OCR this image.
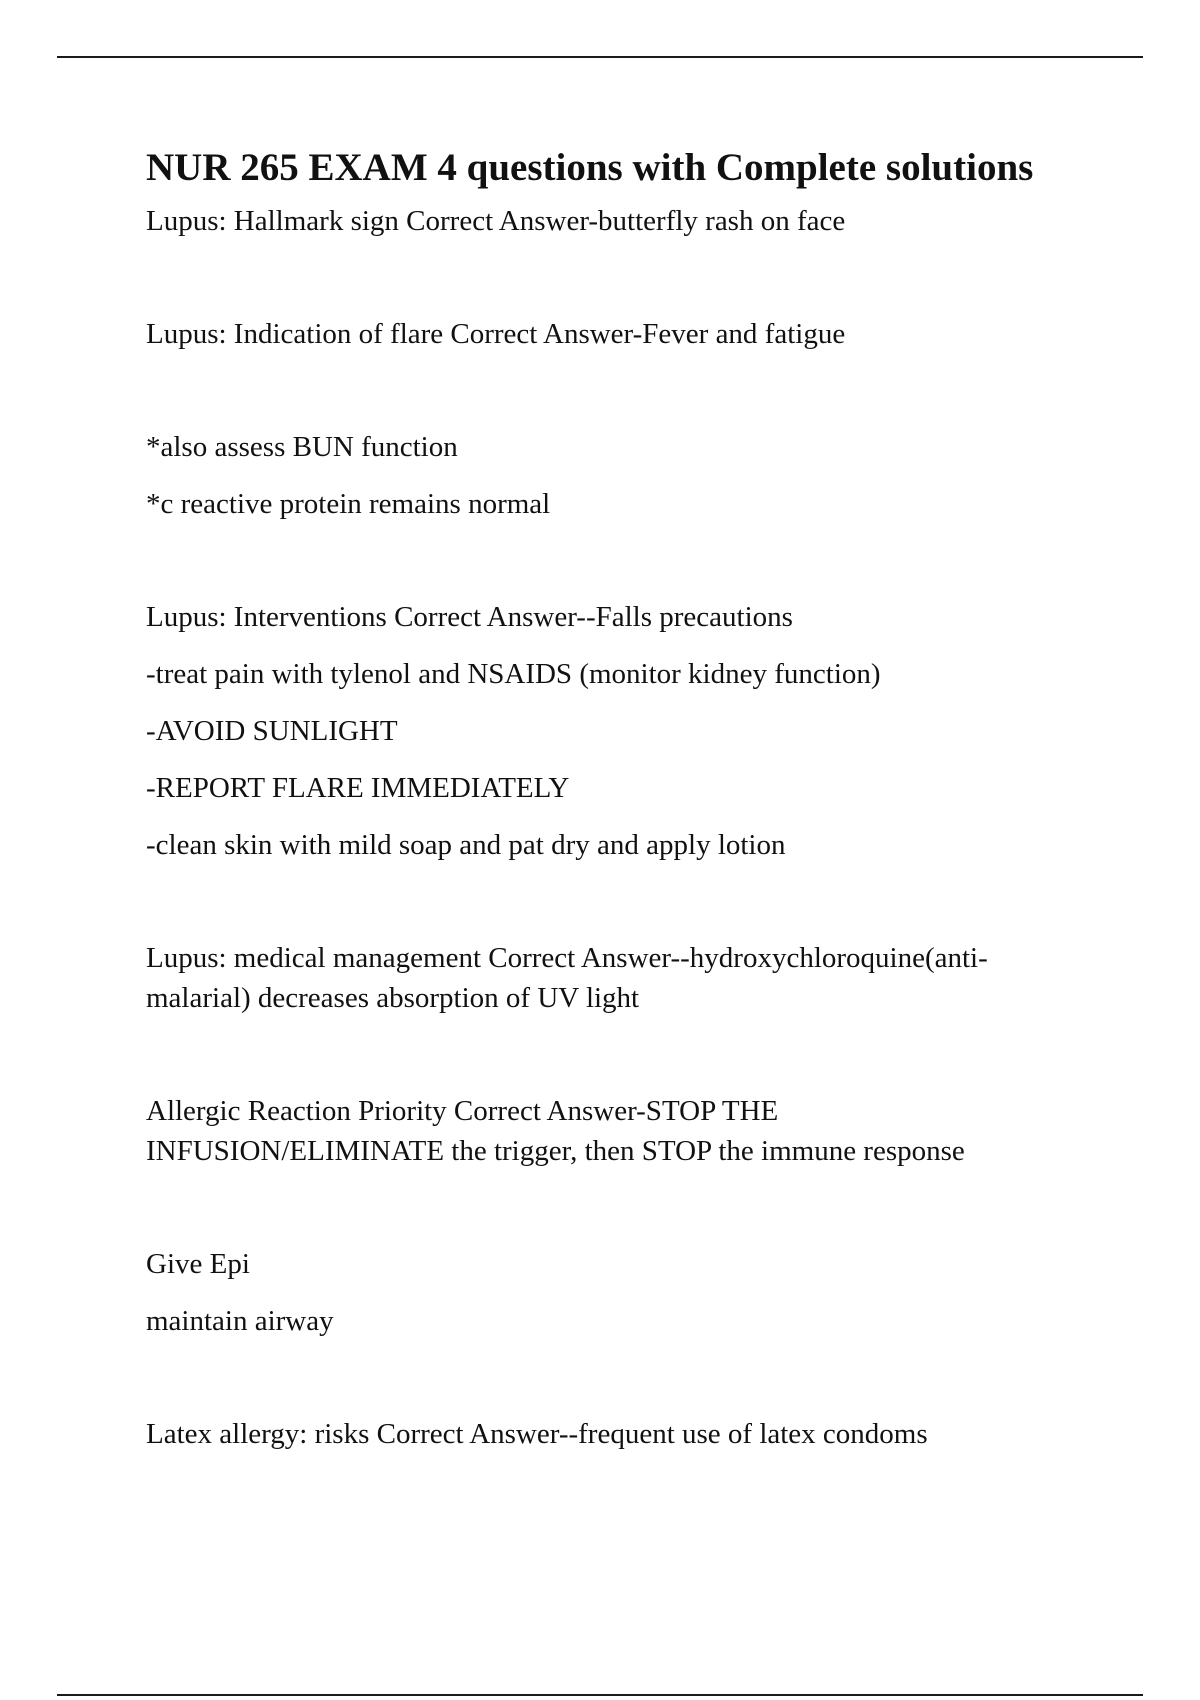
NUR 265 EXAM 4 questions with Complete solutions

Lupus: Hallmark sign Correct Answer-butterfly rash on face

Lupus: Indication of flare Correct Answer-Fever and fatigue

*also assess BUN function

*c reactive protein remains normal

Lupus: Interventions Correct Answer--Falls precautions

-treat pain with tylenol and NSAIDS (monitor kidney function)

-AVOID SUNLIGHT

-REPORT FLARE IMMEDIATELY

-clean skin with mild soap and pat dry and apply lotion

Lupus: medical management Correct Answer--hydroxychloroquine(anti-

malarial) decreases absorption of UV light

Allergic Reaction Priority Correct Answer-STOP THE

INFUSION/ELIMINATE the trigger, then STOP the immune response

Give Epi

maintain airway

Latex allergy: risks Correct Answer--frequent use of latex condoms
